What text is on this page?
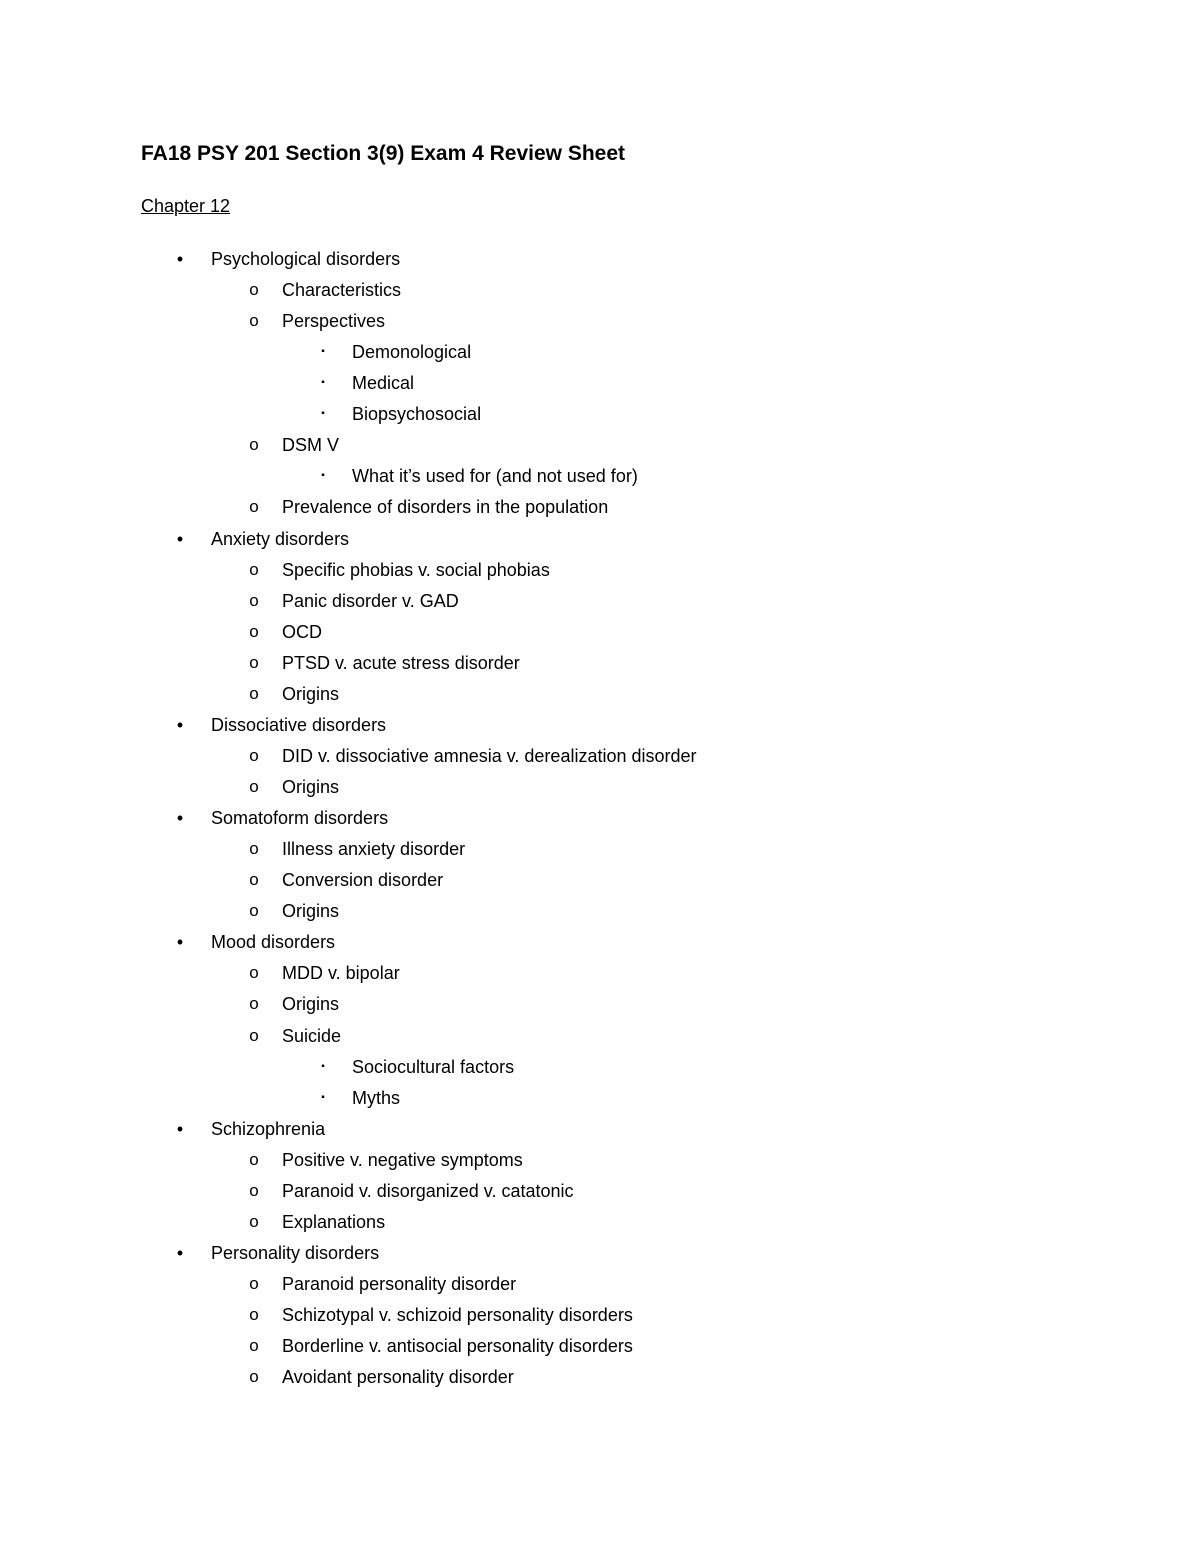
FA18 PSY 201 Section 3(9) Exam 4 Review Sheet
Chapter 12
• Psychological disorders
o Characteristics
o Perspectives
▪	Demonological
▪	Medical
▪	Biopsychosocial
o DSM V
▪	What it’s used for (and not used for)
o Prevalence of disorders in the population
• Anxiety disorders
o Specific phobias v. social phobias
o Panic disorder v. GAD
o OCD
o PTSD v. acute stress disorder
o Origins
• Dissociative disorders
o DID v. dissociative amnesia v. derealization disorder
o Origins
• Somatoform disorders
o Illness anxiety disorder
o Conversion disorder
o Origins
• Mood disorders
o MDD v. bipolar
o Origins
o Suicide
▪	Sociocultural factors
▪	Myths
• Schizophrenia
o Positive v. negative symptoms
o Paranoid v. disorganized v. catatonic
o Explanations
• Personality disorders
o Paranoid personality disorder
o Schizotypal v. schizoid personality disorders
o Borderline v. antisocial personality disorders
o Avoidant personality disorder
